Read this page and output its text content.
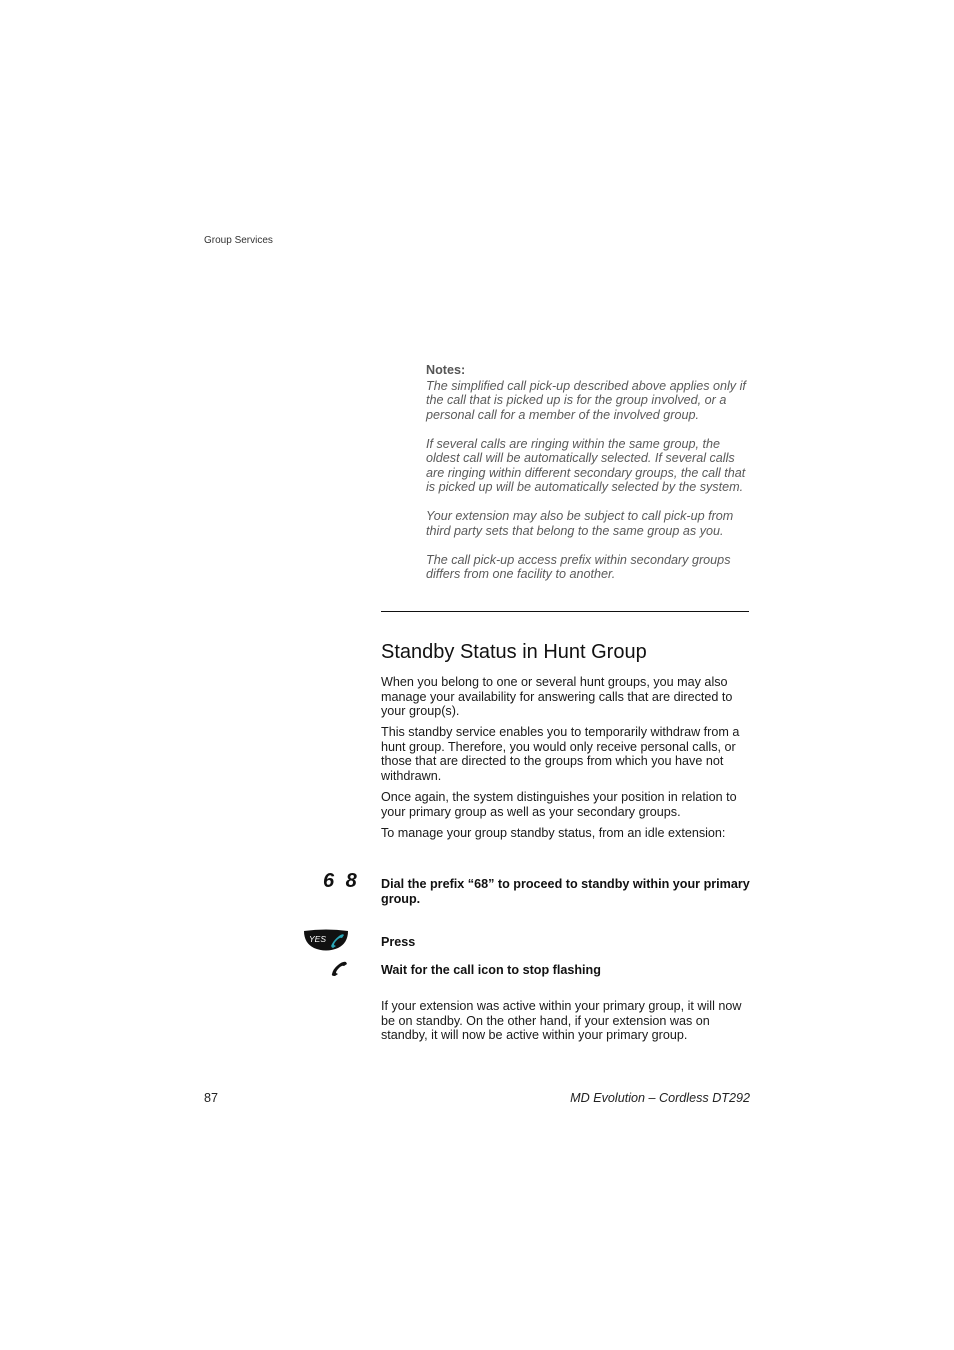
Group Services
Notes:

The simplified call pick-up described above applies only if the call that is picked up is for the group involved, or a personal call for a member of the involved group.

If several calls are ringing within the same group, the oldest call will be automatically selected. If several calls are ringing within different secondary groups, the call that is picked up will be automatically selected by the system.

Your extension may also be subject to call pick-up from third party sets that belong to the same group as you.

The call pick-up access prefix within secondary groups differs from one facility to another.

Standby Status in Hunt Group

When you belong to one or several hunt groups, you may also manage your availability for answering calls that are directed to your group(s).

This standby service enables you to temporarily withdraw from a hunt group. Therefore, you would only receive personal calls, or those that are directed to the groups from which you have not withdrawn.

Once again, the system distinguishes your position in relation to your primary group as well as your secondary groups.

To manage your group standby status, from an idle extension:

6 8 Dial the prefix “68” to proceed to standby within your primary group.
YES	Press
Wait for the call icon to stop flashing
If your extension was active within your primary group, it will now be on standby. On the other hand, if your extension was on standby, it will now be active within your primary group.
87	MD Evolution – Cordless DT292
